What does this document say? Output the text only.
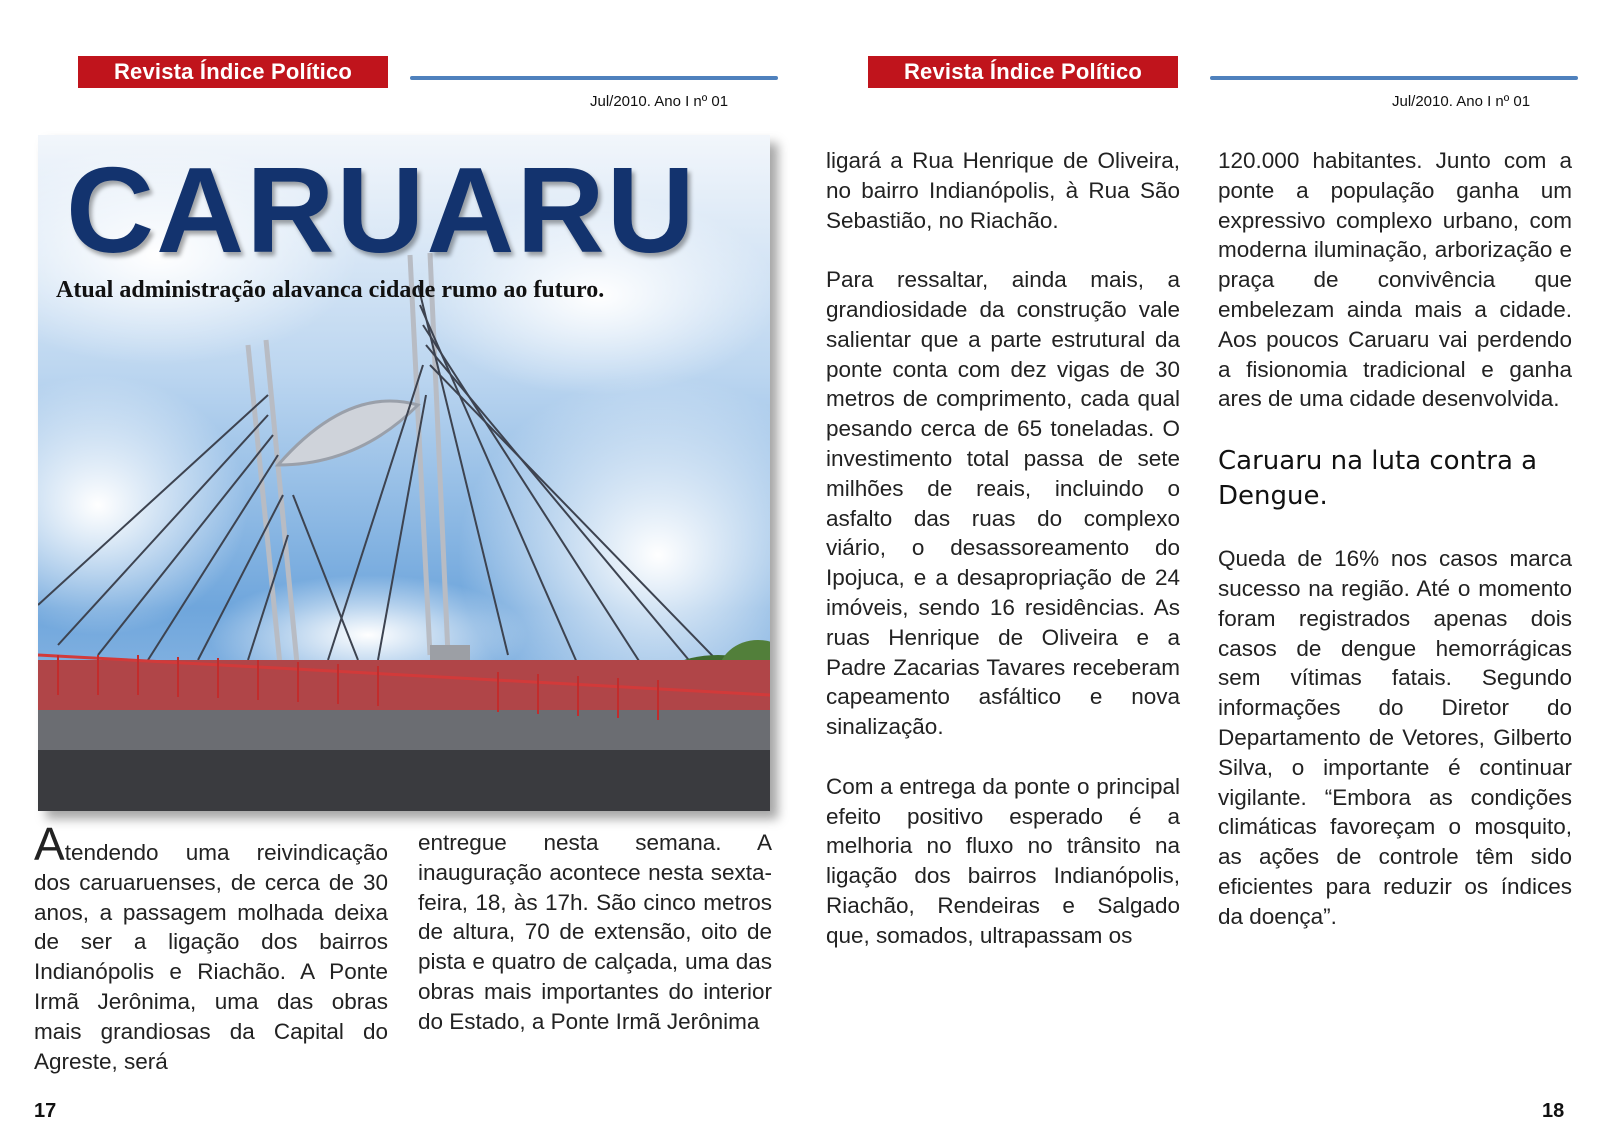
Revista Índice Político
Jul/2010. Ano I nº 01
Revista Índice Político
Jul/2010. Ano I nº 01
CARUARU
Atual administração alavanca cidade rumo ao futuro.

Atendendo uma reivindicação dos caruaruenses, de cerca de 30 anos, a passagem molhada deixa de ser a ligação dos bairros Indianópolis e Riachão. A Ponte Irmã Jerônima, uma das obras mais grandiosas da Capital do Agreste, será

entregue nesta semana. A inauguração acontece nesta sexta-feira, 18, às 17h. São cinco metros de altura, 70 de extensão, oito de pista e quatro de calçada, uma das obras mais importantes do interior do Estado, a Ponte Irmã Jerônima

ligará a Rua Henrique de Oliveira, no bairro Indianópolis, à Rua São Sebastião, no Riachão.

Para ressaltar, ainda mais, a grandiosidade da construção vale salientar que a parte estrutural da ponte conta com dez vigas de 30 metros de comprimento, cada qual pesando cerca de 65 toneladas. O investimento total passa de sete milhões de reais, incluindo o asfalto das ruas do complexo viário, o desassoreamento do Ipojuca, e a desapropriação de 24 imóveis, sendo 16 residências. As ruas Henrique de Oliveira e a Padre Zacarias Tavares receberam capeamento asfáltico e nova sinalização.

Com a entrega da ponte o principal efeito positivo esperado é a melhoria no fluxo no trânsito na ligação dos bairros Indianópolis, Riachão, Rendeiras e Salgado que, somados, ultrapassam os

120.000 habitantes. Junto com a ponte a população ganha um expressivo complexo urbano, com moderna iluminação, arborização e praça de convivência que embelezam ainda mais a cidade. Aos poucos Caruaru vai perdendo a fisionomia tradicional e ganha ares de uma cidade desenvolvida.

Caruaru na luta contra a Dengue.

Queda de 16% nos casos marca sucesso na região. Até o momento foram registrados apenas dois casos de dengue hemorrágicas sem vítimas fatais. Segundo informações do Diretor do Departamento de Vetores, Gilberto Silva, o importante é continuar vigilante. “Embora as condições climáticas favoreçam o mosquito, as ações de controle têm sido eficientes para reduzir os índices da doença”.

17	18
